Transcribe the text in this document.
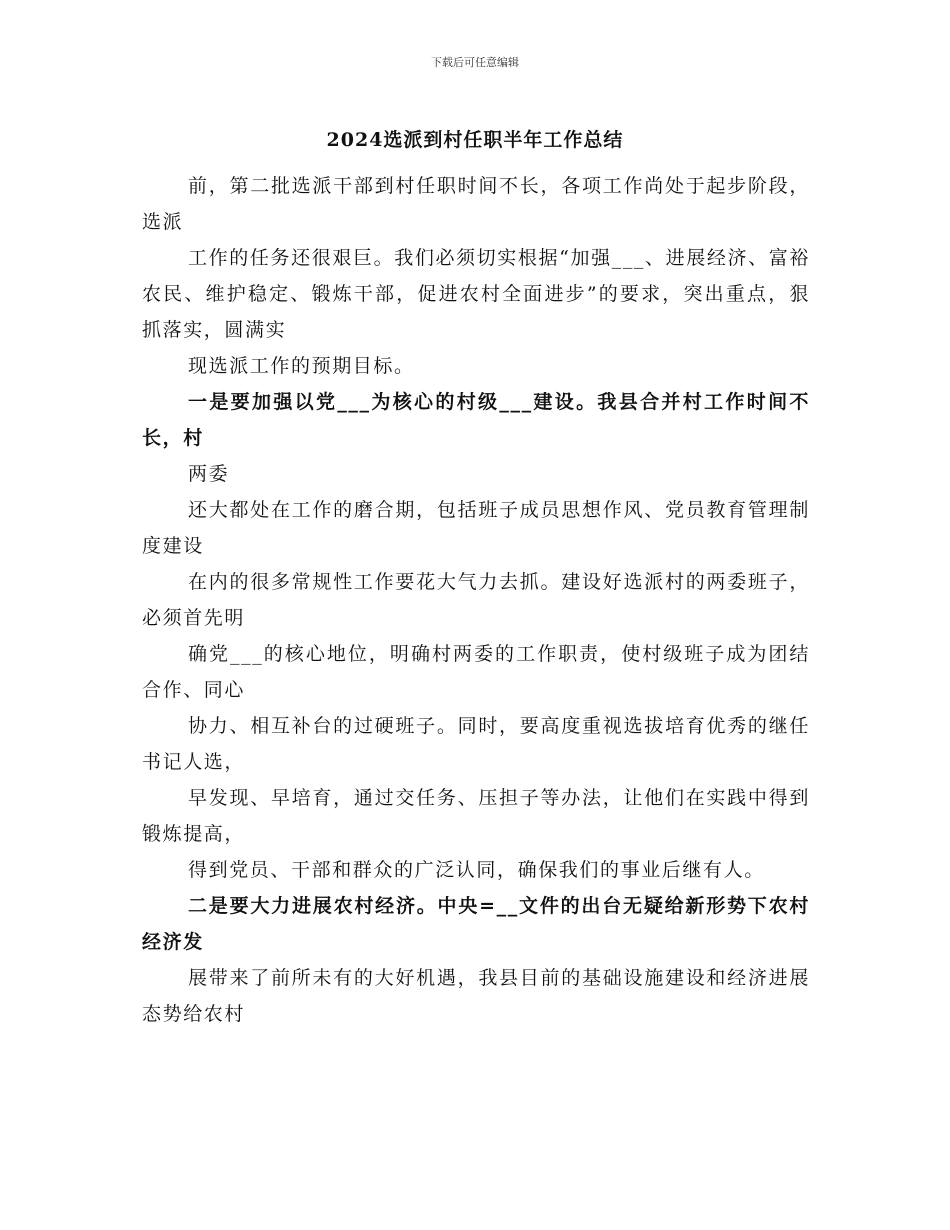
下载后可任意编辑
2024选派到村任职半年工作总结

前，第二批选派干部到村任职时间不长，各项工作尚处于起步阶段，选派

工作的任务还很艰巨。我们必须切实根据“加强___、进展经济、富裕农民、维护稳定、锻炼干部，促进农村全面进步”的要求，突出重点，狠抓落实，圆满实

现选派工作的预期目标。

一是要加强以党___为核心的村级___建设。我县合并村工作时间不长，村

两委

还大都处在工作的磨合期，包括班子成员思想作风、党员教育管理制度建设

在内的很多常规性工作要花大气力去抓。建设好选派村的两委班子，必须首先明

确党___的核心地位，明确村两委的工作职责，使村级班子成为团结合作、同心

协力、相互补台的过硬班子。同时，要高度重视选拔培育优秀的继任书记人选，

早发现、早培育，通过交任务、压担子等办法，让他们在实践中得到锻炼提高，

得到党员、干部和群众的广泛认同，确保我们的事业后继有人。

二是要大力进展农村经济。中央=__文件的出台无疑给新形势下农村经济发

展带来了前所未有的大好机遇，我县目前的基础设施建设和经济进展态势给农村
